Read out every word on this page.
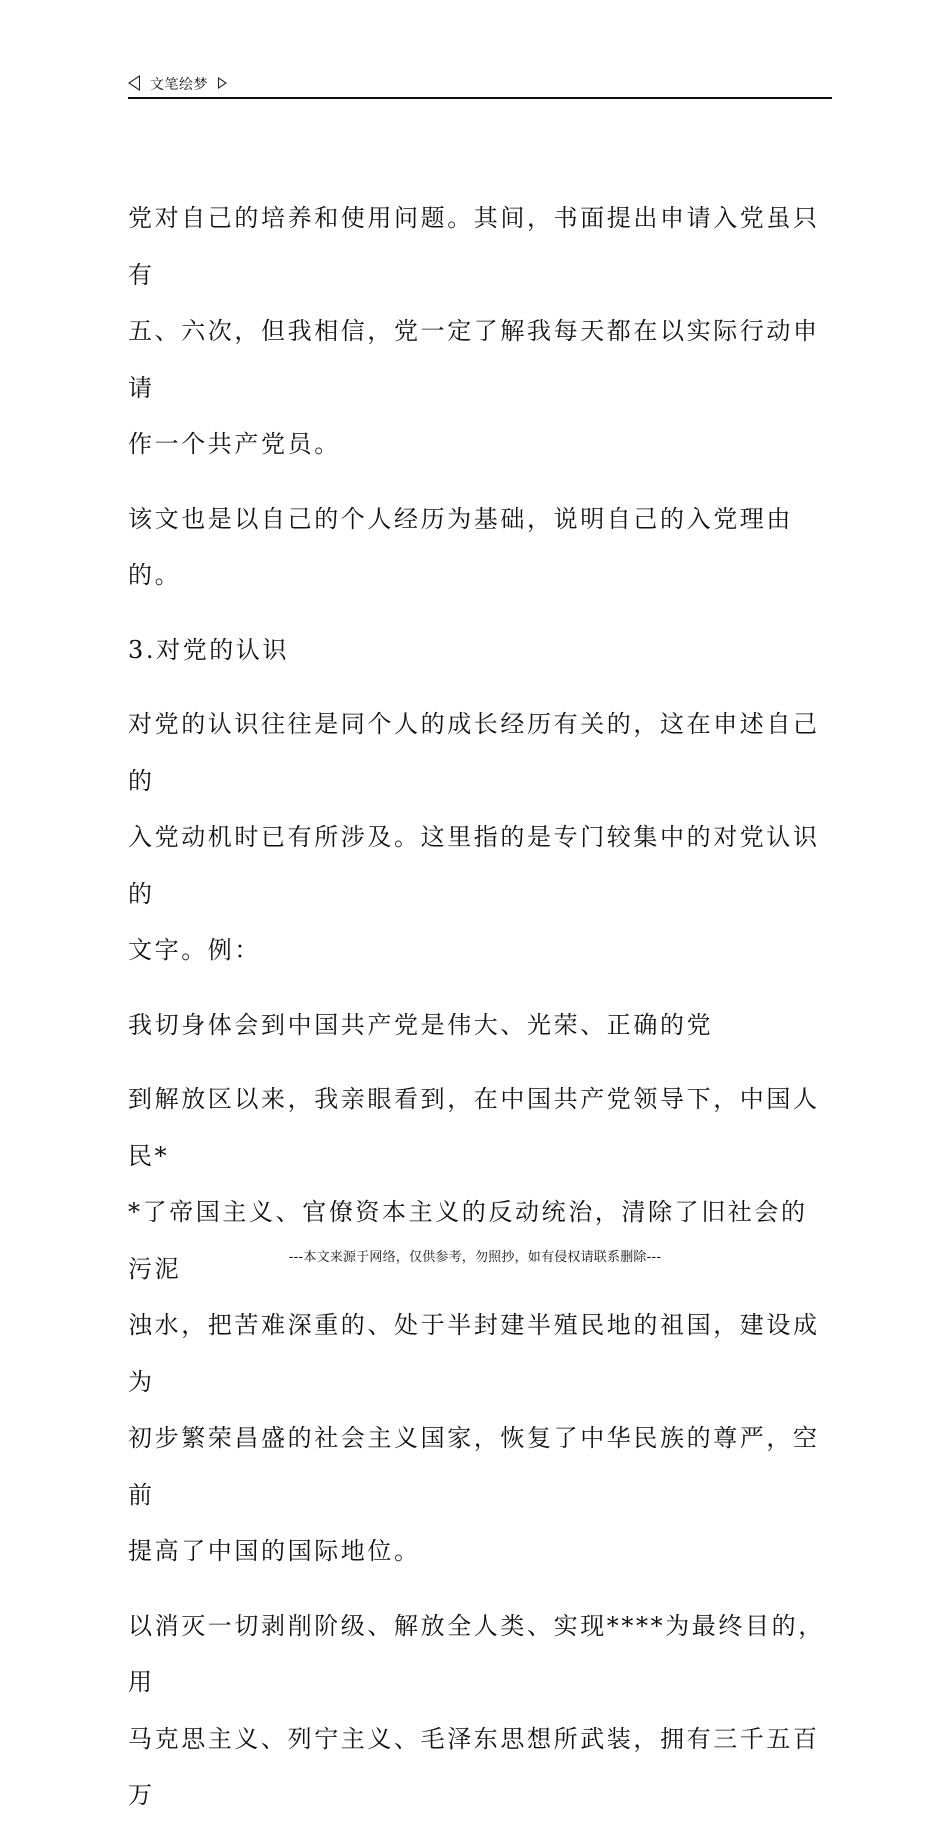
文笔绘梦

党对自己的培养和使用问题。其间，书面提出申请入党虽只有

五、六次，但我相信，党一定了解我每天都在以实际行动申请

作一个共产党员。

该文也是以自己的个人经历为基础，说明自己的入党理由的。

3.对党的认识

对党的认识往往是同个人的成长经历有关的，这在申述自己的

入党动机时已有所涉及。这里指的是专门较集中的对党认识的

文字。例：

我切身体会到中国共产党是伟大、光荣、正确的党

到解放区以来，我亲眼看到，在中国共产党领导下，中国人民*

*了帝国主义、官僚资本主义的反动统治，清除了旧社会的污泥

浊水，把苦难深重的、处于半封建半殖民地的祖国，建设成为

初步繁荣昌盛的社会主义国家，恢复了中华民族的尊严，空前

提高了中国的国际地位。

以消灭一切剥削阶级、解放全人类、实现****为最终目的，用

马克思主义、列宁主义、毛泽东思想所武装，拥有三千五百万

---本文来源于网络，仅供参考，勿照抄，如有侵权请联系删除---
